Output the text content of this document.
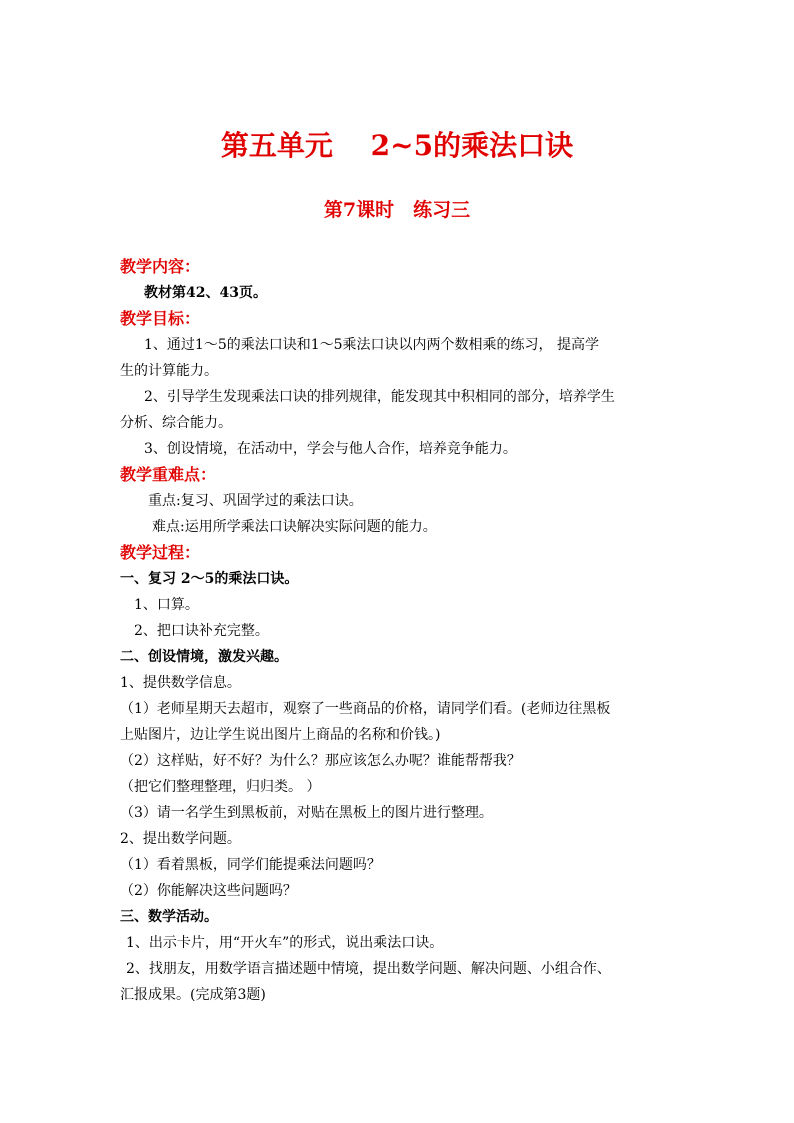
第五单元　 2~5的乘法口诀
第7课时　练习三
教学内容：
教材第42、43页。
教学目标：
1、通过1～5的乘法口诀和1～5乘法口诀以内两个数相乘的练习， 提高学
生的计算能力。
2、引导学生发现乘法口诀的排列规律，能发现其中积相同的部分，培养学生
分析、综合能力。
3、创设情境，在活动中，学会与他人合作，培养竞争能力。
教学重难点：
重点:复习、巩固学过的乘法口诀。
难点:运用所学乘法口诀解决实际问题的能力。
教学过程：
一、复习 2～5的乘法口诀。
1、口算。
2、把口诀补充完整。
二、创设情境，激发兴趣。
1、提供数学信息。
（1）老师星期天去超市，观察了一些商品的价格，请同学们看。(老师边往黑板
上贴图片，边让学生说出图片上商品的名称和价钱。)
（2）这样贴，好不好？为什么？那应该怎么办呢？谁能帮帮我？
（把它们整理整理，归归类。 ）
（3）请一名学生到黑板前，对贴在黑板上的图片进行整理。
2、提出数学问题。
（1）看着黑板，同学们能提乘法问题吗？
（2）你能解决这些问题吗？
三、数学活动。
1、出示卡片，用“开火车”的形式，说出乘法口诀。
2、找朋友，用数学语言描述题中情境，提出数学问题、解决问题、小组合作、
汇报成果。(完成第3题)
